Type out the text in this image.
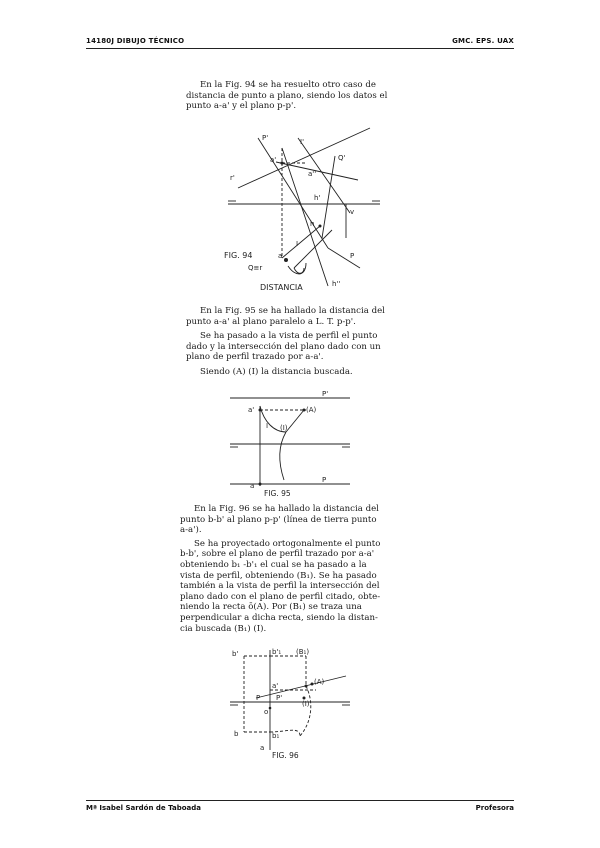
14180J DIBUJO TÉCNICO	GMC. EPS. UAX
En la Fig. 94 se ha resuelto otro caso de
distancia de punto a plano, siendo los datos el
punto a-a' y el plano p-p'.
P'	I'
a'	Q'
r'	a''
h'
v
h
I
Q≡r
a	P
h''
FIG. 94
DISTANCIA
En la Fig. 95 se ha hallado la distancia del
punto a-a' al plano paralelo a L. T. p-p'.
Se ha pasado a la vista de perfil el punto
dado y la intersección del plano dado con un
plano de perfil trazado por a-a'.
Siendo (A) (I) la distancia buscada.
P'
a'	(A)
I (I)
a
P
FIG. 95
En la Fig. 96 se ha hallado la distancia del
punto b-b' al plano p-p' (línea de tierra punto
a-a').
Se ha proyectado ortogonalmente el punto
b-b', sobre el plano de perfil trazado por a-a'
obteniendo b₁ -b'₁ el cual se ha pasado a la
vista de perfil, obteniendo (B₁). Se ha pasado
también a la vista de perfil la intersección del
plano dado con el plano de perfil citado, obte-
niendo la recta ō(A). Por (B₁) se traza una
perpendicular a dicha recta, siendo la distan-
cia buscada (B₁) (I).
b'	b'₁ (B₁)
a'	(A)
P P'
(I)
o
b	b₁
a
FIG. 96
Mª Isabel Sardón de Taboada	Profesora
